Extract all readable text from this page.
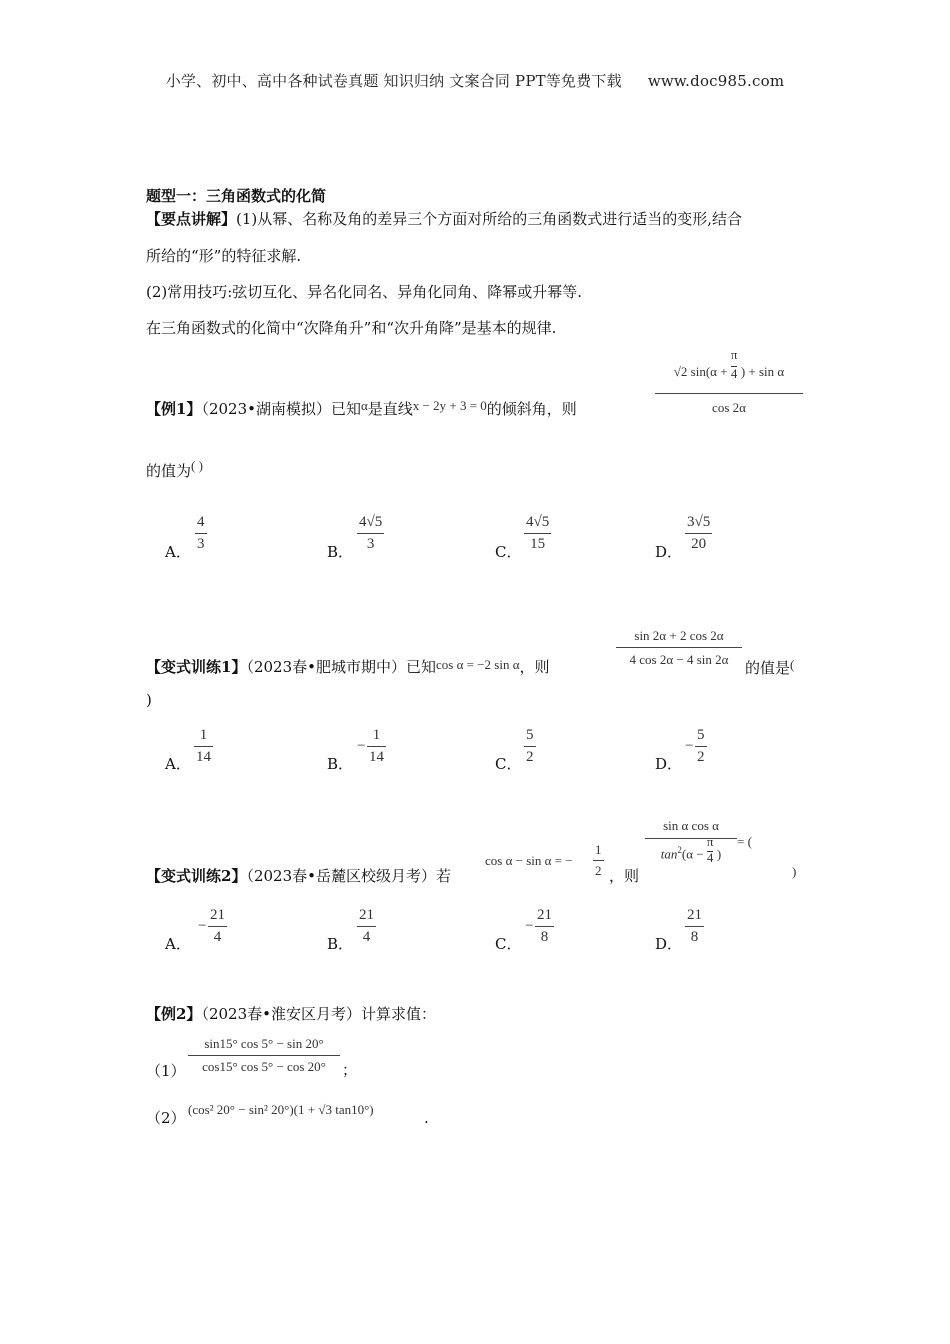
小学、初中、高中各种试卷真题 知识归纳 文案合同 PPT等免费下载 www.doc985.com
题型一：三角函数式的化简
【要点讲解】(1)从幂、名称及角的差异三个方面对所给的三角函数式进行适当的变形,结合
所给的“形”的特征求解.
(2)常用技巧:弦切互化、异名化同名、异角化同角、降幂或升幂等.
在三角函数式的化简中“次降角升”和“次升角降”是基本的规律.
【例1】（2023•湖南模拟）已知α是直线x − 2y + 3 = 0的倾斜角，则
√2 $\sin(\alpha + \frac{\pi}{4}$ ) + sin α
cos 2α
的值为( )
A．
4
3	B．
4√5
3	C．
4√5
15	D．
3√5
20
【变式训练1】（2023春•肥城市期中）已知cos α = −2 sin α，则	$\frac{\sin 2\alpha + 2 \cos 2\alpha}{4 \cos 2\alpha - 4 \sin 2\alpha}$ 的值是(
)
A．
1
14	B．
−
1
14	C．
5
2	D．
−
5
2
【变式训练2】（2023春•岳麓区校级月考）若
cos α − sin α = −
1
2 ，则
$\frac{\text{sin α cos α}}{\tan^2(\alpha - \frac{\pi}{4} )}$ = (
)
A．
−
21
4	B．
21
4	C．
−
21
8	D．
21
8
【例2】（2023春•淮安区月考）计算求值：
$(1) \frac{\sin 15^\circ \cos 5^\circ - \sin 20^\circ}{\cos 15^\circ \cos 5^\circ - \cos 20^\circ}$ ；
（2） (cos² 20° − sin² 20°)(1 + √3 tan10°)	.
